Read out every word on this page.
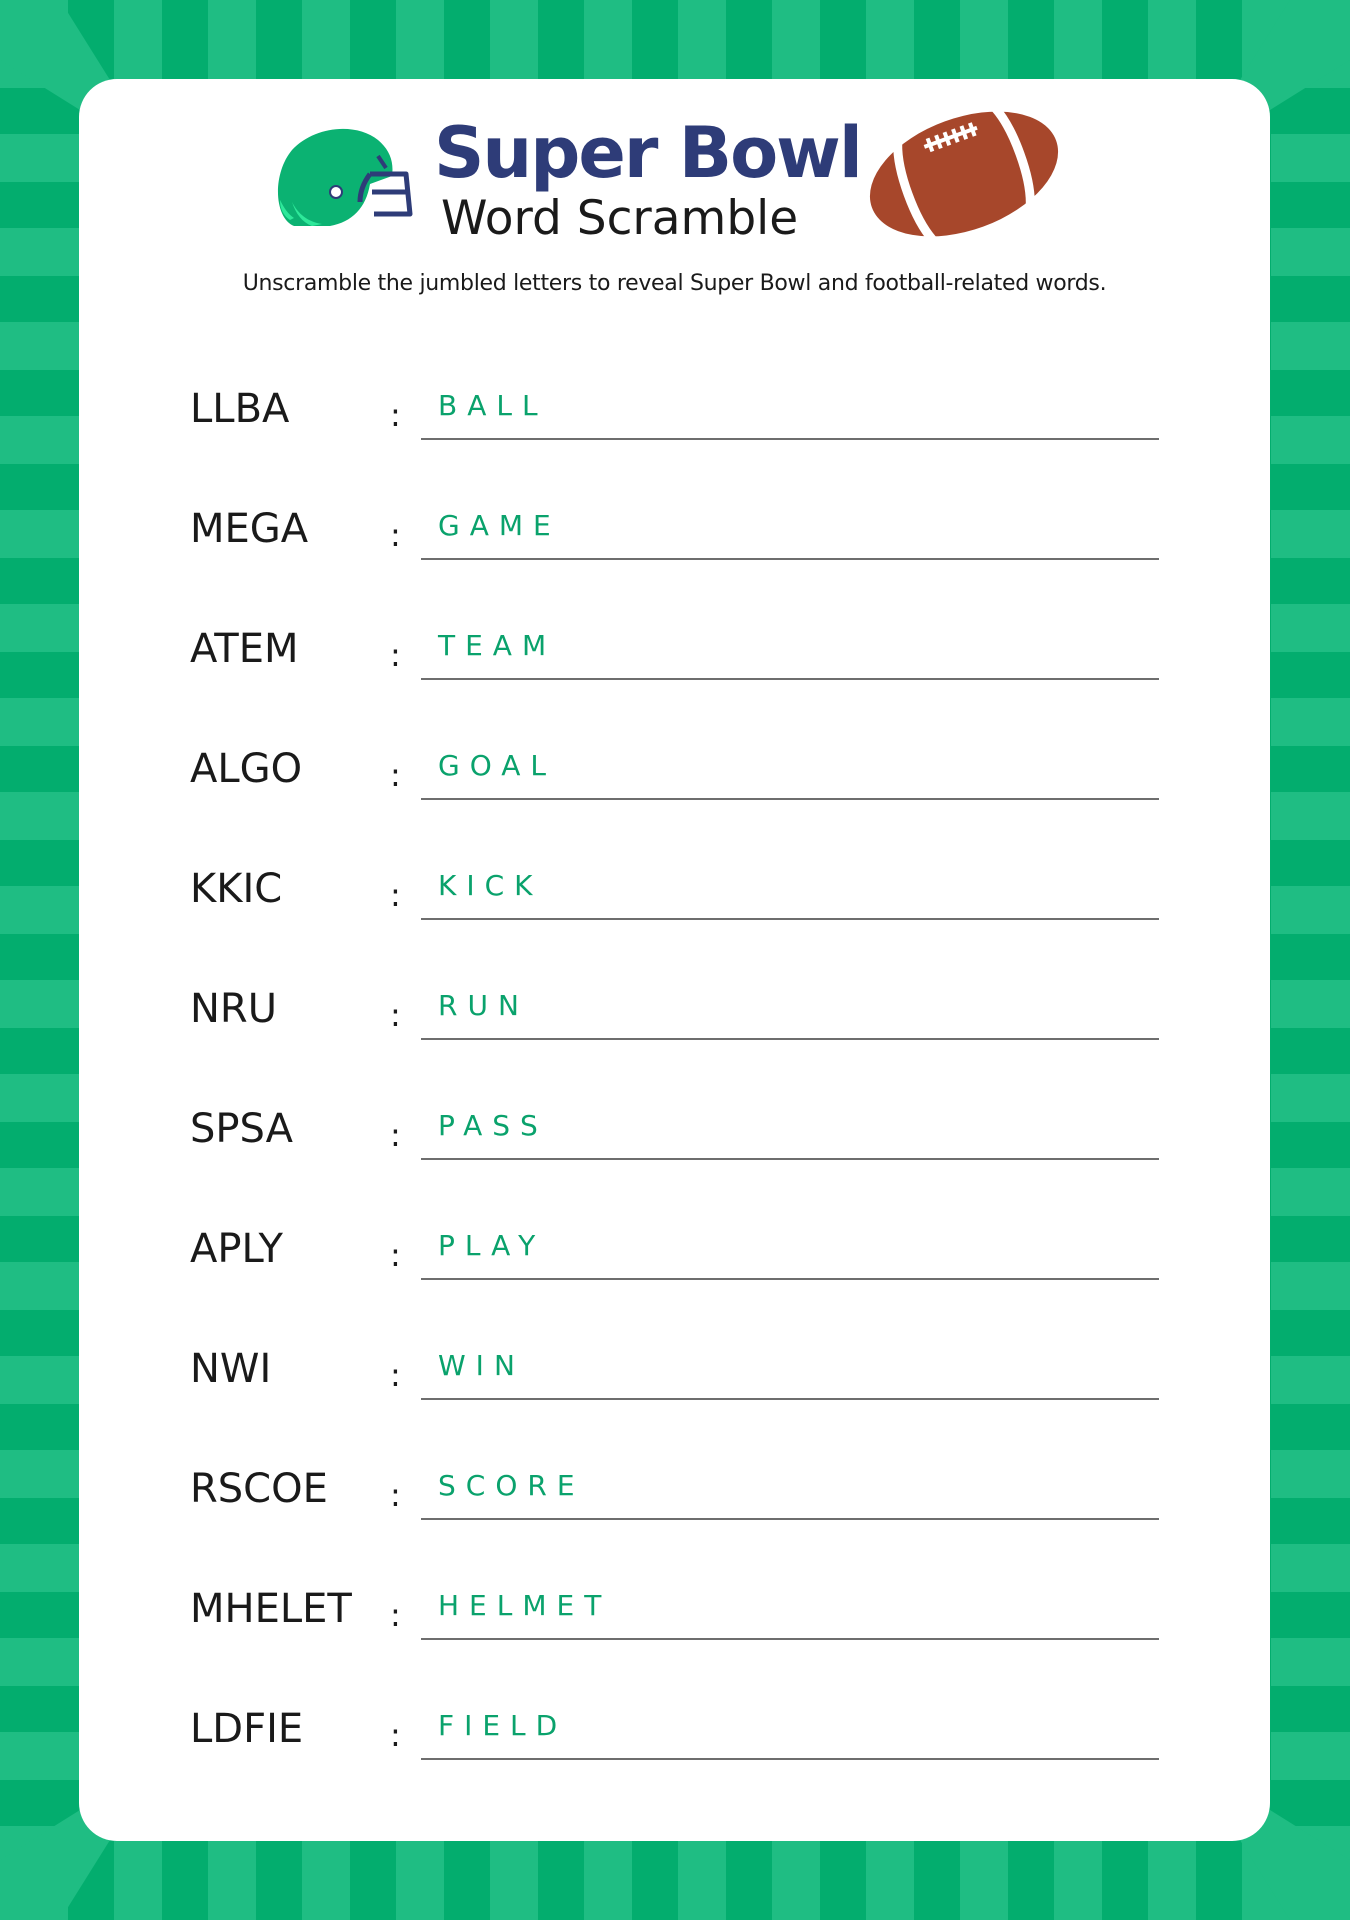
Super Bowl
Word Scramble
Unscramble the jumbled letters to reveal Super Bowl and football-related words.
LLBA	: BALL
MEGA	: GAME
ATEM	: TEAM
ALGO	: GOAL
KKIC	: KICK
NRU	: RUN
SPSA	: PASS
APLY	: PLAY
NWI	: WIN
RSCOE : SCORE
MHELET : HELMET
LDFIE	: FIELD
